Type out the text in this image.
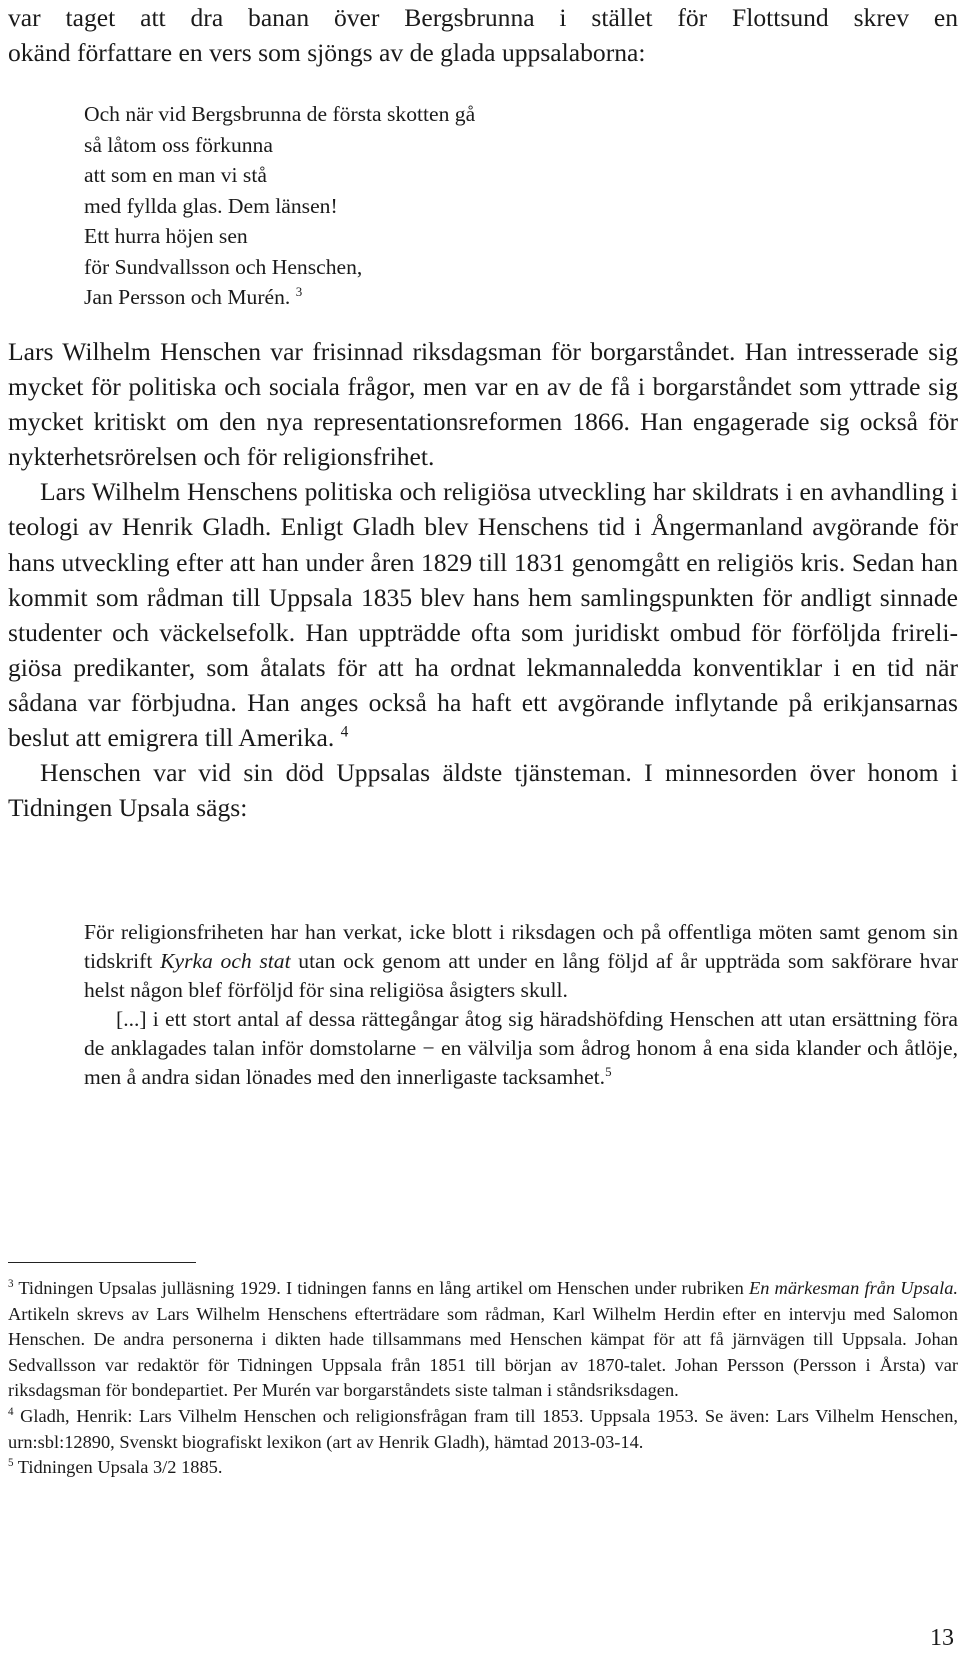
var taget att dra banan över Bergsbrunna i stället för Flottsund skrev en

okänd författare en vers som sjöngs av de glada uppsalaborna:

Och när vid Bergsbrunna de första skotten gå
så låtom oss förkunna
att som en man vi stå
med fyllda glas. Dem länsen!
Ett hurra höjen sen
för Sundvallsson och Henschen,
Jan Persson och Murén. $^3$

Lars Wilhelm Henschen var frisinnad riksdagsman för borgarståndet. Han intresserade sig mycket för politiska och sociala frågor, men var en av de få i borgarståndet som yttrade sig mycket kritiskt om den nya representationsreformen 1866. Han engagerade sig också för nykterhetsrörelsen och för religionsfrihet.

Lars Wilhelm Henschens politiska och religiösa utveckling har skildrats i en avhandling i teologi av Henrik Gladh. Enligt Gladh blev Henschens tid i Ångermanland avgörande för hans utveckling efter att han under åren 1829 till 1831 genomgått en religiös kris. Sedan han kommit som rådman till Uppsala 1835 blev hans hem samlingspunkten för andligt sinnade studenter och väckelsefolk. Han uppträdde ofta som juridiskt ombud för förföljda frireligiösa predikanter, som åtalats för att ha ordnat lekmannaledda konventiklar i en tid när sådana var förbjudna. Han anges också ha haft ett avgörande inflytande på erikjansarnas beslut att emigrera till Amerika. $^4$

Henschen var vid sin död Uppsalas äldste tjänsteman. I minnesorden över honom i Tidningen Upsala sägs:

För religionsfriheten har han verkat, icke blott i riksdagen och på offentliga möten samt genom sin tidskrift Kyrka och stat utan ock genom att under en lång följd af år uppträda som sakförare hvar helst någon blef förföljd för sina religiösa åsigters skull.

[...] i ett stort antal af dessa rättegångar åtog sig häradshöfding Henschen att utan ersättning föra de anklagades talan inför domstolarne − en välvilja som ådrog honom å ena sida klander och åtlöje, men å andra sidan lönades med den innerligaste tacksamhet.$^5$

$^3$ Tidningen Upsalas julläsning 1929. I tidningen fanns en lång artikel om Henschen under rubriken En märkesman från Upsala. Artikeln skrevs av Lars Wilhelm Henschens efterträdare som rådman, Karl Wilhelm Herdin efter en intervju med Salomon Henschen. De andra personerna i dikten hade tillsammans med Henschen kämpat för att få järnvägen till Uppsala. Johan Sedvallsson var redaktör för Tidningen Uppsala från 1851 till början av 1870-talet. Johan Persson (Persson i Årsta) var riksdagsman för bondepartiet. Per Murén var borgarståndets siste talman i ståndsriksdagen.

$^4$ Gladh, Henrik: Lars Vilhelm Henschen och religionsfrågan fram till 1853. Uppsala 1953. Se även: Lars Vilhelm Henschen, urn:sbl:12890, Svenskt biografiskt lexikon (art av Henrik Gladh), hämtad 2013-03-14.

$^5$ Tidningen Upsala 3/2 1885.

13
